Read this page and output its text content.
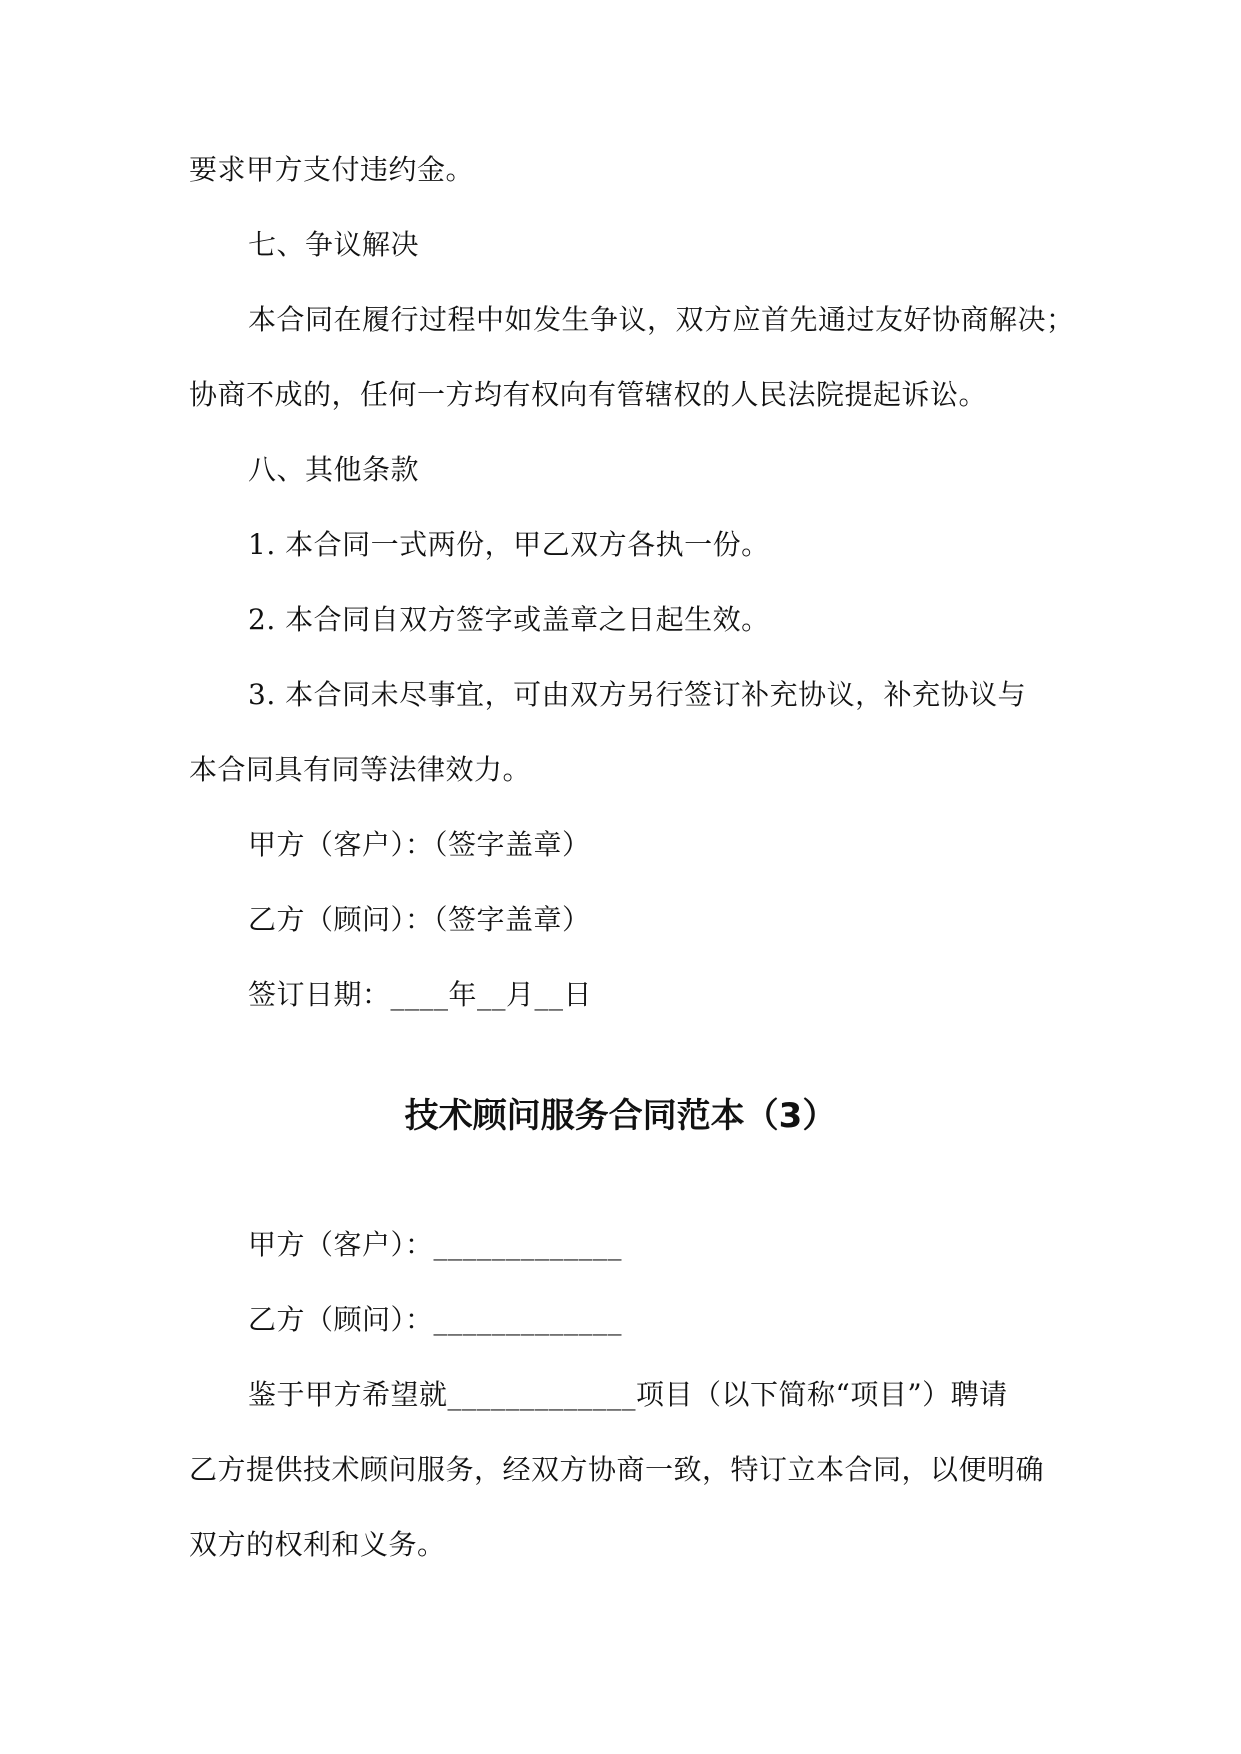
要求甲方支付违约金。
七、争议解决
本合同在履行过程中如发生争议，双方应首先通过友好协商解决；
协商不成的，任何一方均有权向有管辖权的人民法院提起诉讼。
八、其他条款
1. 本合同一式两份，甲乙双方各执一份。
2. 本合同自双方签字或盖章之日起生效。
3. 本合同未尽事宜，可由双方另行签订补充协议，补充协议与
本合同具有同等法律效力。
甲方（客户）：（签字盖章）
乙方（顾问）：（签字盖章）
签订日期：____年__月__日
技术顾问服务合同范本（3）
甲方（客户）：_____________
乙方（顾问）：_____________
鉴于甲方希望就_____________项目（以下简称“项目”）聘请
乙方提供技术顾问服务，经双方协商一致，特订立本合同，以便明确
双方的权利和义务。
